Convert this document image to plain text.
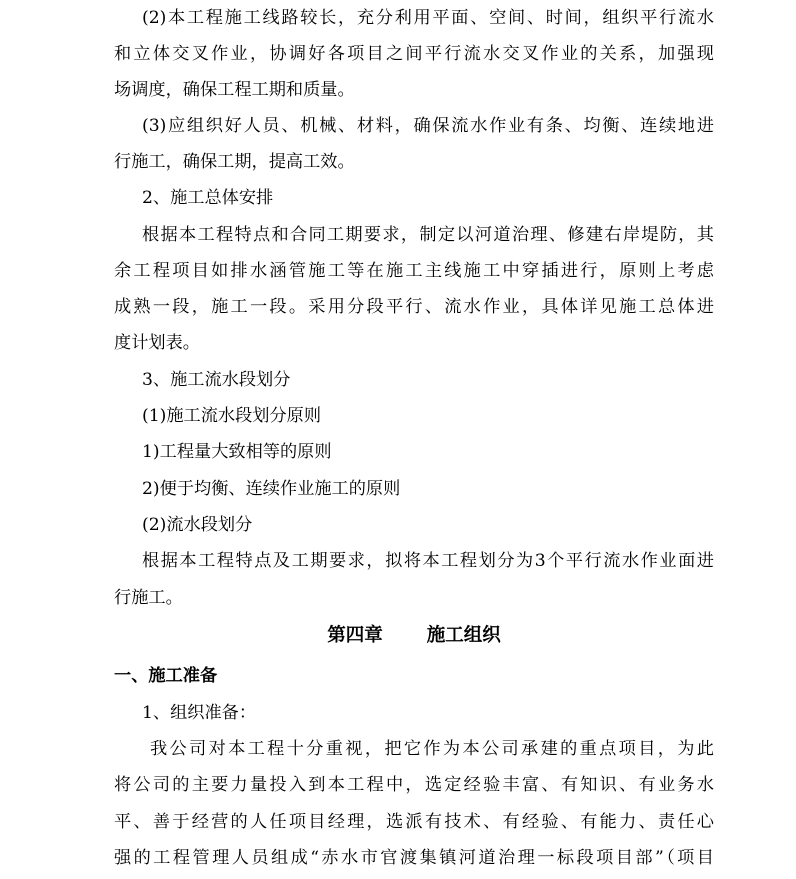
(2)本工程施工线路较长，充分利用平面、空间、时间，组织平行流水
和立体交叉作业，协调好各项目之间平行流水交叉作业的关系，加强现
场调度，确保工程工期和质量。
(3)应组织好人员、机械、材料，确保流水作业有条、均衡、连续地进
行施工，确保工期，提高工效。
2、施工总体安排
根据本工程特点和合同工期要求，制定以河道治理、修建右岸堤防，其
余工程项目如排水涵管施工等在施工主线施工中穿插进行，原则上考虑
成熟一段，施工一段。采用分段平行、流水作业，具体详见施工总体进
度计划表。
3、施工流水段划分
(1)施工流水段划分原则
1)工程量大致相等的原则
2)便于均衡、连续作业施工的原则
(2)流水段划分
根据本工程特点及工期要求，拟将本工程划分为3个平行流水作业面进
行施工。
第四章 施工组织
一、施工准备
1、组织准备：
我公司对本工程十分重视，把它作为本公司承建的重点项目，为此
将公司的主要力量投入到本工程中，选定经验丰富、有知识、有业务水
平、善于经营的人任项目经理，选派有技术、有经验、有能力、责任心
强的工程管理人员组成“赤水市官渡集镇河道治理一标段项目部”（项目
